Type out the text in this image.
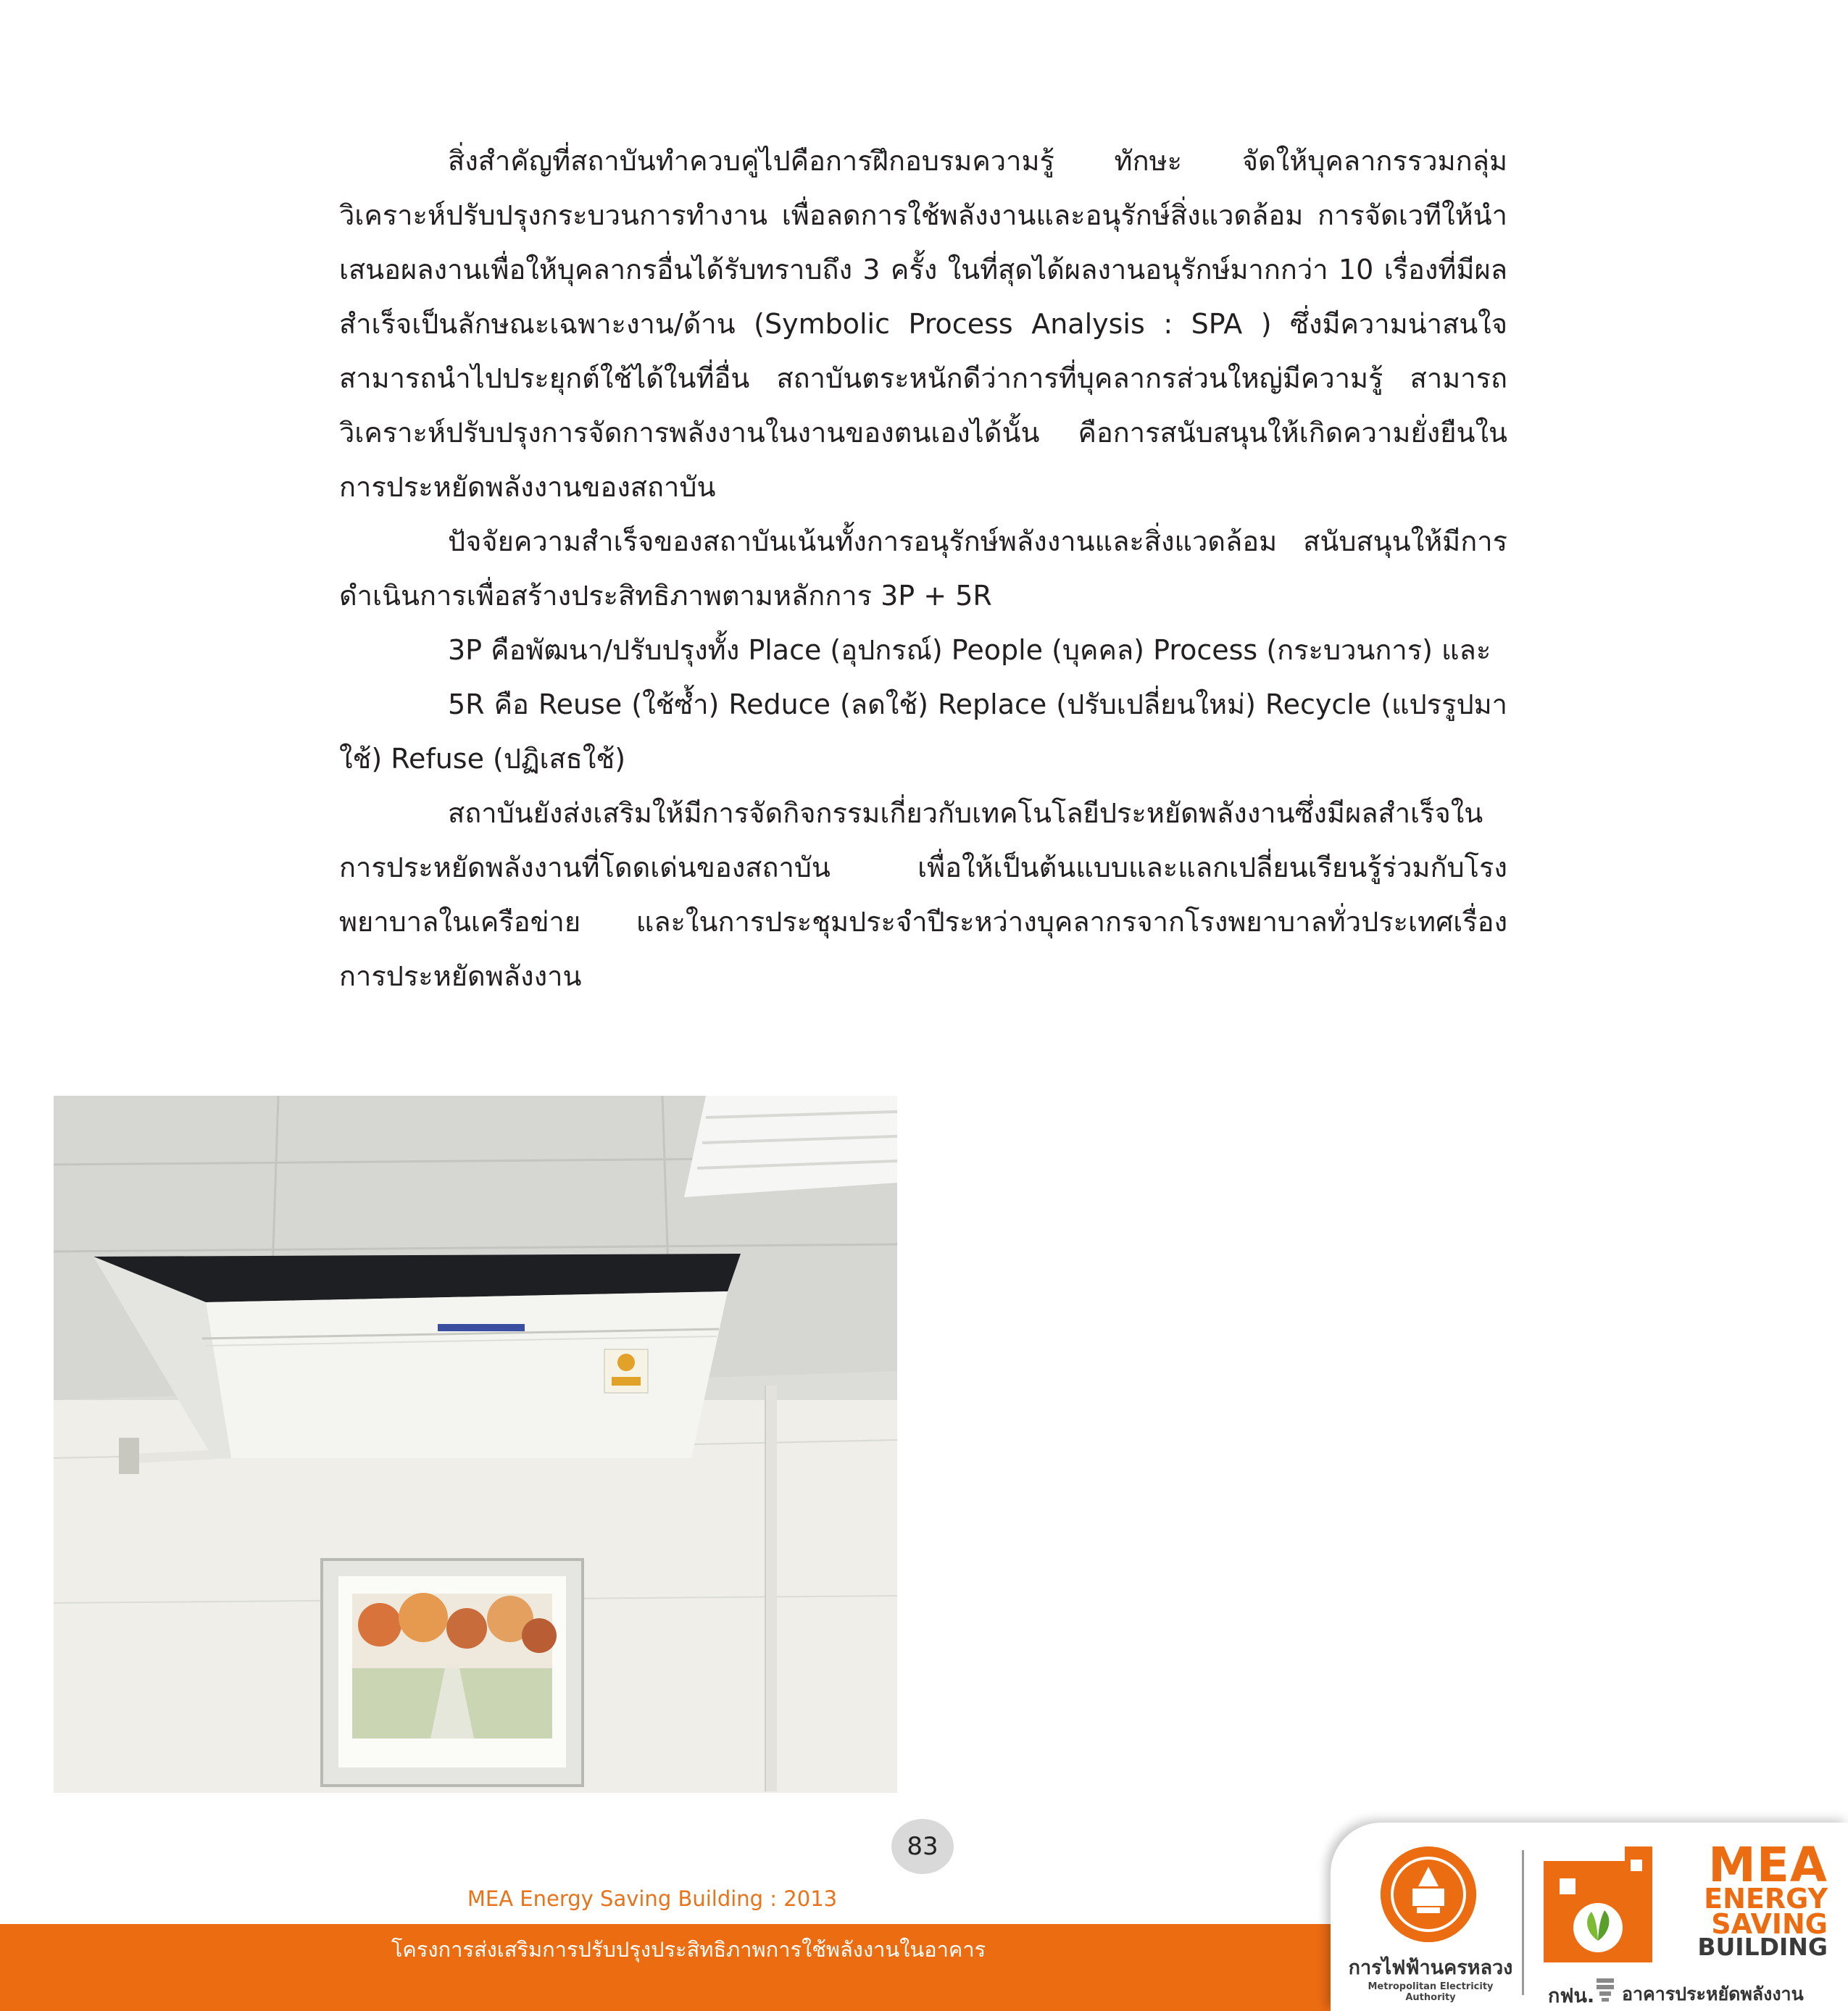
สิ่งสำคัญที่สถาบันทำควบคู่ไปคือการฝึกอบรมความรู้ ทักษะ จัดให้บุคลากรรวมกลุ่มวิเคราะห์ปรับปรุงกระบวนการทำงาน เพื่อลดการใช้พลังงานและอนุรักษ์สิ่งแวดล้อม การจัดเวทีให้นำเสนอผลงานเพื่อให้บุคลากรอื่นได้รับทราบถึง 3 ครั้ง ในที่สุดได้ผลงานอนุรักษ์มากกว่า 10 เรื่องที่มีผลสำเร็จเป็นลักษณะเฉพาะงาน/ด้าน (Symbolic Process Analysis : SPA ) ซึ่งมีความน่าสนใจ สามารถนำไปประยุกต์ใช้ได้ในที่อื่น สถาบันตระหนักดีว่าการที่บุคลากรส่วนใหญ่มีความรู้ สามารถวิเคราะห์ปรับปรุงการจัดการพลังงานในงานของตนเองได้นั้น คือการสนับสนุนให้เกิดความยั่งยืนในการประหยัดพลังงานของสถาบัน

ปัจจัยความสำเร็จของสถาบันเน้นทั้งการอนุรักษ์พลังงานและสิ่งแวดล้อม สนับสนุนให้มีการดำเนินการเพื่อสร้างประสิทธิภาพตามหลักการ 3P + 5R

3P คือพัฒนา/ปรับปรุงทั้ง Place (อุปกรณ์) People (บุคคล) Process (กระบวนการ) และ

5R คือ Reuse (ใช้ซ้ำ) Reduce (ลดใช้) Replace (ปรับเปลี่ยนใหม่) Recycle (แปรรูปมาใช้) Refuse (ปฏิเสธใช้)

สถาบันยังส่งเสริมให้มีการจัดกิจกรรมเกี่ยวกับเทคโนโลยีประหยัดพลังงานซึ่งมีผลสำเร็จในการประหยัดพลังงานที่โดดเด่นของสถาบัน เพื่อให้เป็นต้นแบบและแลกเปลี่ยนเรียนรู้ร่วมกับโรงพยาบาลในเครือข่าย และในการประชุมประจำปีระหว่างบุคลากรจากโรงพยาบาลทั่วประเทศเรื่องการประหยัดพลังงาน

83
MEA Energy Saving Building : 2013
โครงการส่งเสริมการปรับปรุงประสิทธิภาพการใช้พลังงานในอาคาร
การไฟฟ้านครหลวง
Metropolitan Electricity Authority
MEA
ENERGY
SAVING
BUILDING
กฟน. อาคารประหยัดพลังงาน
